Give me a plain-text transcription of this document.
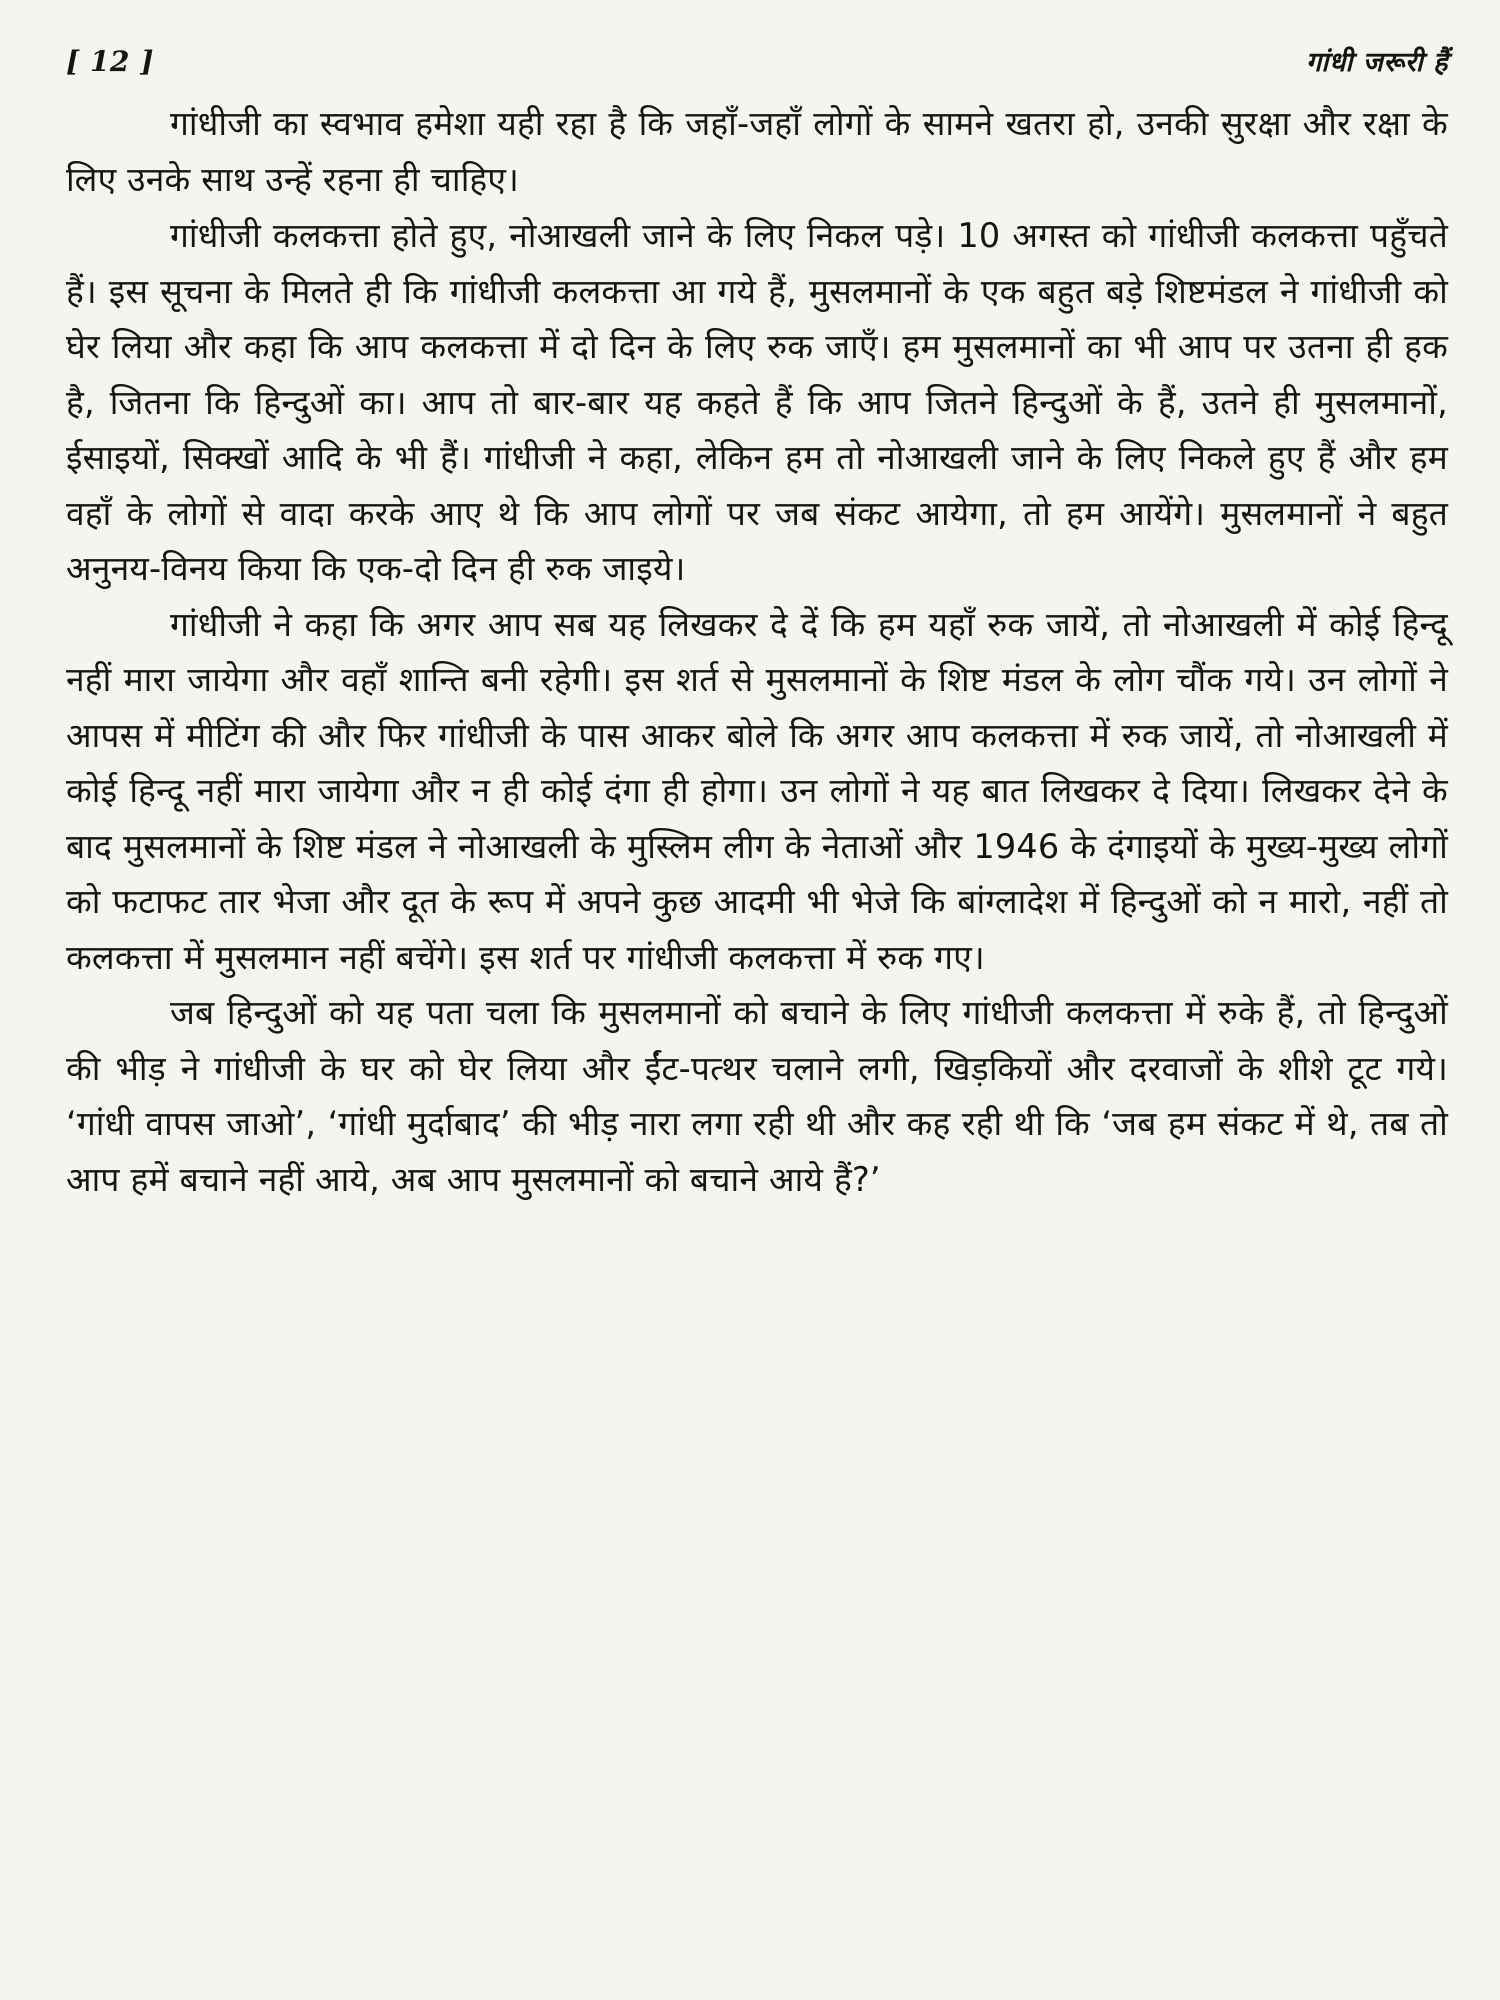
[ 12 ]	गांधी जरूरी हैं

गांधीजी का स्वभाव हमेशा यही रहा है कि जहाँ-जहाँ लोगों के सामने खतरा हो, उनकी सुरक्षा और रक्षा के लिए उनके साथ उन्हें रहना ही चाहिए।

गांधीजी कलकत्ता होते हुए, नोआखली जाने के लिए निकल पड़े। 10 अगस्त को गांधीजी कलकत्ता पहुँचते हैं। इस सूचना के मिलते ही कि गांधीजी कलकत्ता आ गये हैं, मुसलमानों के एक बहुत बड़े शिष्टमंडल ने गांधीजी को घेर लिया और कहा कि आप कलकत्ता में दो दिन के लिए रुक जाएँ। हम मुसलमानों का भी आप पर उतना ही हक है, जितना कि हिन्दुओं का। आप तो बार-बार यह कहते हैं कि आप जितने हिन्दुओं के हैं, उतने ही मुसलमानों, ईसाइयों, सिक्खों आदि के भी हैं। गांधीजी ने कहा, लेकिन हम तो नोआखली जाने के लिए निकले हुए हैं और हम वहाँ के लोगों से वादा करके आए थे कि आप लोगों पर जब संकट आयेगा, तो हम आयेंगे। मुसलमानों ने बहुत अनुनय-विनय किया कि एक-दो दिन ही रुक जाइये।

गांधीजी ने कहा कि अगर आप सब यह लिखकर दे दें कि हम यहाँ रुक जायें, तो नोआखली में कोई हिन्दू नहीं मारा जायेगा और वहाँ शान्ति बनी रहेगी। इस शर्त से मुसलमानों के शिष्ट मंडल के लोग चौंक गये। उन लोगों ने आपस में मीटिंग की और फिर गांधीजी के पास आकर बोले कि अगर आप कलकत्ता में रुक जायें, तो नोआखली में कोई हिन्दू नहीं मारा जायेगा और न ही कोई दंगा ही होगा। उन लोगों ने यह बात लिखकर दे दिया। लिखकर देने के बाद मुसलमानों के शिष्ट मंडल ने नोआखली के मुस्लिम लीग के नेताओं और 1946 के दंगाइयों के मुख्य-मुख्य लोगों को फटाफट तार भेजा और दूत के रूप में अपने कुछ आदमी भी भेजे कि बांग्लादेश में हिन्दुओं को न मारो, नहीं तो कलकत्ता में मुसलमान नहीं बचेंगे। इस शर्त पर गांधीजी कलकत्ता में रुक गए।

जब हिन्दुओं को यह पता चला कि मुसलमानों को बचाने के लिए गांधीजी कलकत्ता में रुके हैं, तो हिन्दुओं की भीड़ ने गांधीजी के घर को घेर लिया और ईंट-पत्थर चलाने लगी, खिड़कियों और दरवाजों के शीशे टूट गये। ‘गांधी वापस जाओ’, ‘गांधी मुर्दाबाद’ की भीड़ नारा लगा रही थी और कह रही थी कि ‘जब हम संकट में थे, तब तो आप हमें बचाने नहीं आये, अब आप मुसलमानों को बचाने आये हैं?’
